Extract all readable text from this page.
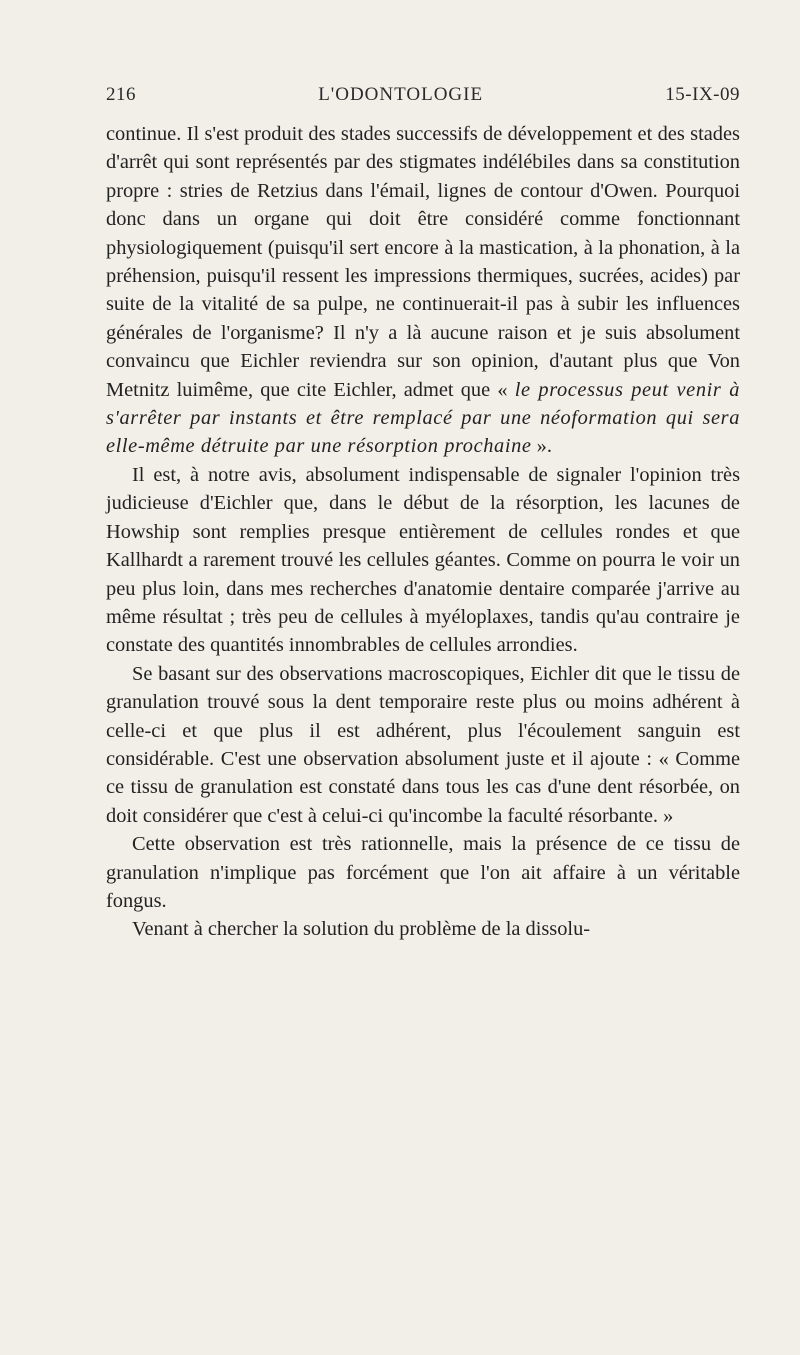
216	L'ODONTOLOGIE	15-IX-09

continue. Il s'est produit des stades successifs de développement et des stades d'arrêt qui sont représentés par des stigmates indélébiles dans sa constitution propre : stries de Retzius dans l'émail, lignes de contour d'Owen. Pourquoi donc dans un organe qui doit être considéré comme fonctionnant physiologiquement (puisqu'il sert encore à la mastication, à la phonation, à la préhension, puisqu'il ressent les impressions thermiques, sucrées, acides) par suite de la vitalité de sa pulpe, ne continuerait-il pas à subir les influences générales de l'organisme? Il n'y a là aucune raison et je suis absolument convaincu que Eichler reviendra sur son opinion, d'autant plus que Von Metnitz luimême, que cite Eichler, admet que « le processus peut venir à s'arrêter par instants et être remplacé par une néoformation qui sera elle-même détruite par une résorption prochaine ».

Il est, à notre avis, absolument indispensable de signaler l'opinion très judicieuse d'Eichler que, dans le début de la résorption, les lacunes de Howship sont remplies presque entièrement de cellules rondes et que Kallhardt a rarement trouvé les cellules géantes. Comme on pourra le voir un peu plus loin, dans mes recherches d'anatomie dentaire comparée j'arrive au même résultat ; très peu de cellules à myéloplaxes, tandis qu'au contraire je constate des quantités innombrables de cellules arrondies.

Se basant sur des observations macroscopiques, Eichler dit que le tissu de granulation trouvé sous la dent temporaire reste plus ou moins adhérent à celle-ci et que plus il est adhérent, plus l'écoulement sanguin est considérable. C'est une observation absolument juste et il ajoute : « Comme ce tissu de granulation est constaté dans tous les cas d'une dent résorbée, on doit considérer que c'est à celui-ci qu'incombe la faculté résorbante. »

Cette observation est très rationnelle, mais la présence de ce tissu de granulation n'implique pas forcément que l'on ait affaire à un véritable fongus.

Venant à chercher la solution du problème de la dissolu-
